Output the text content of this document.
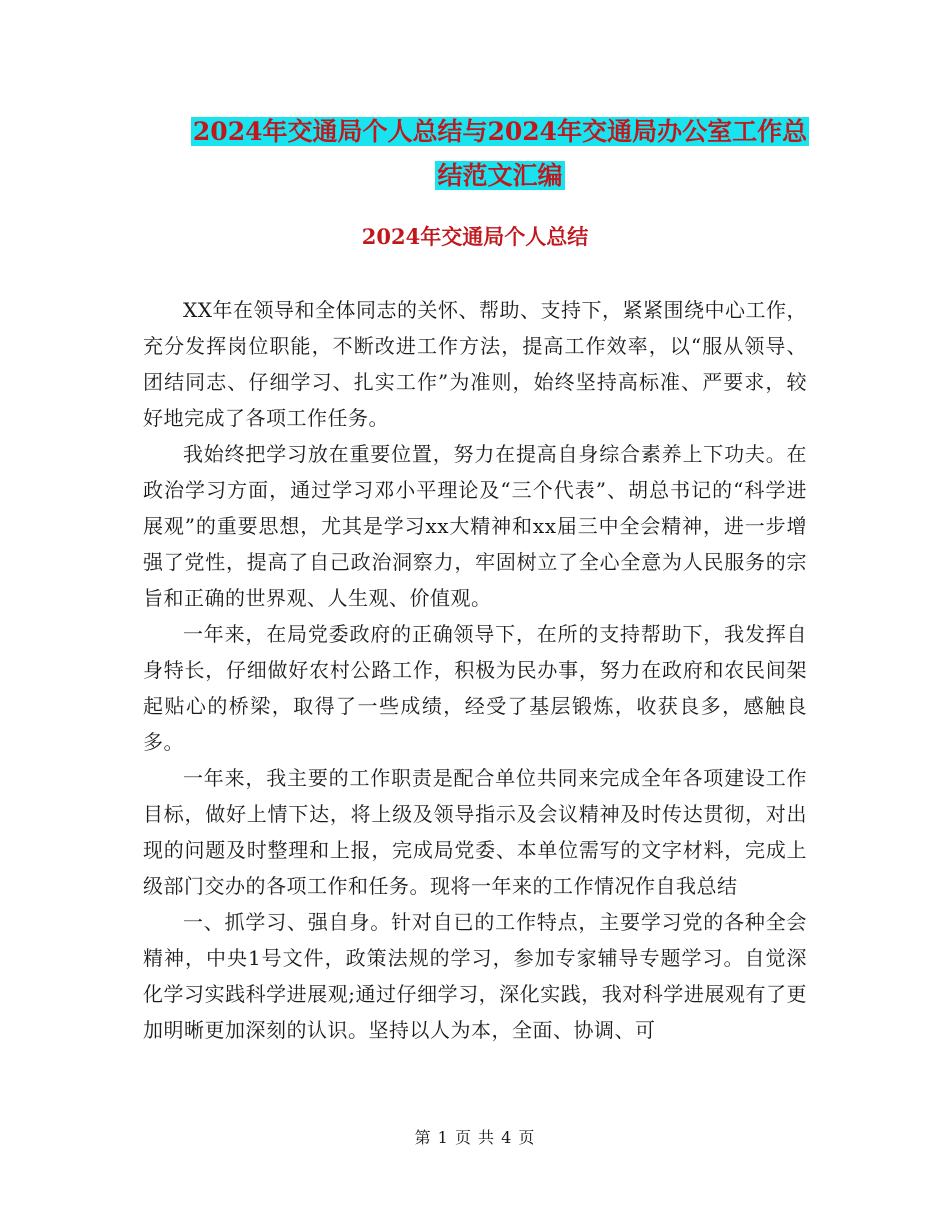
2024年交通局个人总结与2024年交通局办公室工作总
结范文汇编
2024年交通局个人总结

XX年在领导和全体同志的关怀、帮助、支持下，紧紧围绕中心工作，充分发挥岗位职能，不断改进工作方法，提高工作效率，以“服从领导、团结同志、仔细学习、扎实工作”为准则，始终坚持高标准、严要求，较好地完成了各项工作任务。

我始终把学习放在重要位置，努力在提高自身综合素养上下功夫。在政治学习方面，通过学习邓小平理论及“三个代表”、胡总书记的“科学进展观”的重要思想，尤其是学习xx大精神和xx届三中全会精神，进一步增强了党性，提高了自己政治洞察力，牢固树立了全心全意为人民服务的宗旨和正确的世界观、人生观、价值观。

一年来，在局党委政府的正确领导下，在所的支持帮助下，我发挥自身特长，仔细做好农村公路工作，积极为民办事，努力在政府和农民间架起贴心的桥梁，取得了一些成绩，经受了基层锻炼，收获良多，感触良多。

一年来，我主要的工作职责是配合单位共同来完成全年各项建设工作目标，做好上情下达，将上级及领导指示及会议精神及时传达贯彻，对出现的问题及时整理和上报，完成局党委、本单位需写的文字材料，完成上级部门交办的各项工作和任务。现将一年来的工作情况作自我总结

一、抓学习、强自身。针对自已的工作特点，主要学习党的各种全会精神，中央1号文件，政策法规的学习，参加专家辅导专题学习。自觉深化学习实践科学进展观;通过仔细学习，深化实践，我对科学进展观有了更加明晰更加深刻的认识。坚持以人为本，全面、协调、可

第 1 页 共 4 页
